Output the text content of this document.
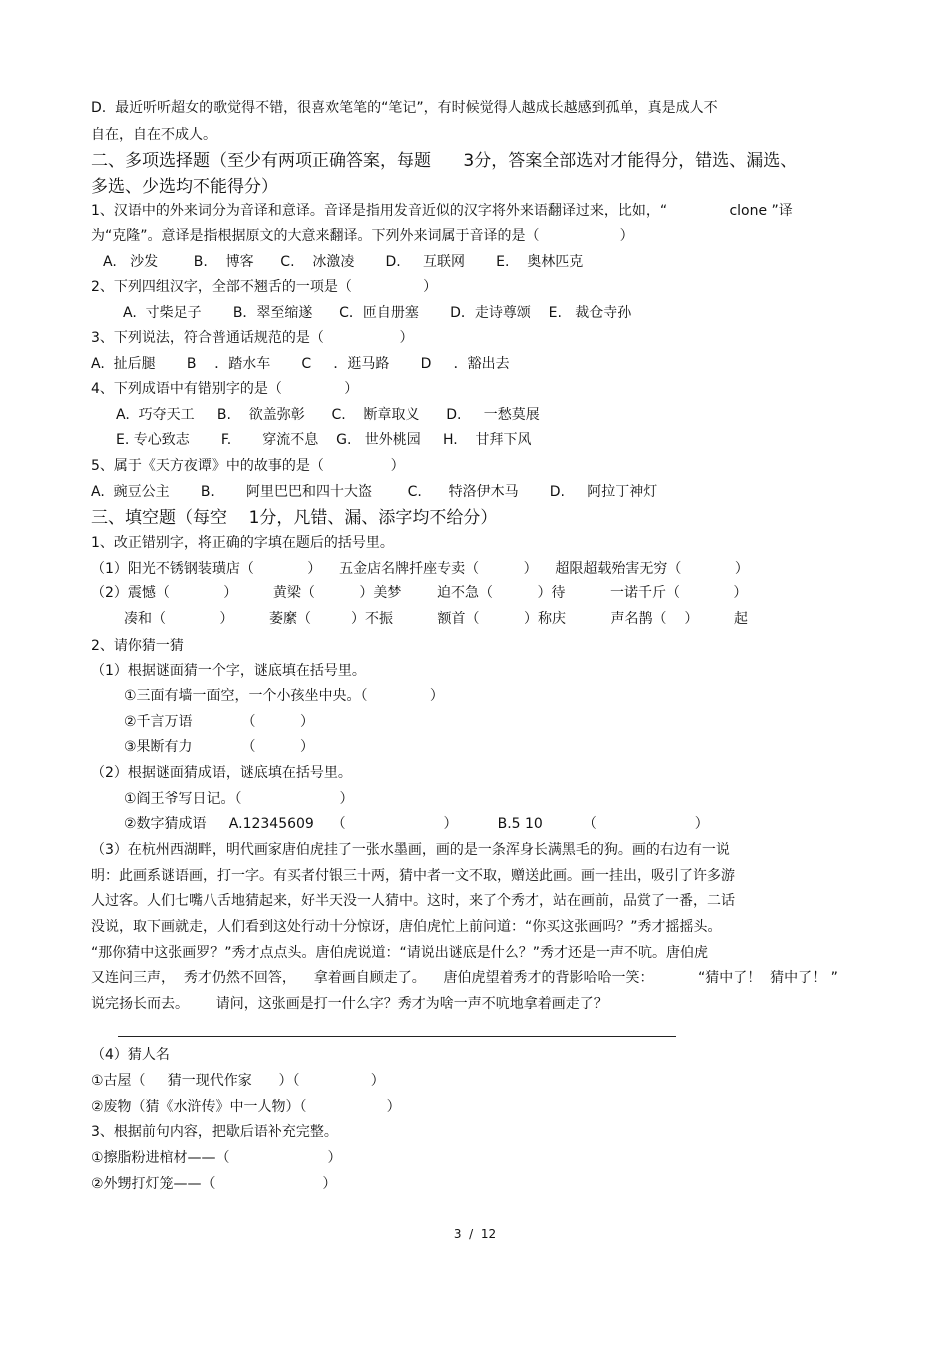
D.  最近听听超女的歌觉得不错，很喜欢笔笔的“笔记”，有时候觉得人越成长越感到孤单，真是成人不
自在，自在不成人。
二、多项选择题（至少有两项正确答案，每题      3分，答案全部选对才能得分，错选、漏选、
多选、少选均不能得分）
1、汉语中的外来词分为音译和意译。音译是指用发音近似的汉字将外来语翻译过来，比如，“              clone ”译
为“克隆”。意译是指根据原文的大意来翻译。下列外来词属于音译的是（                  ）
A.   沙发        B.    博客      C.    冰激凌       D.     互联网       E.    奥林匹克
2、下列四组汉字，全部不翘舌的一项是（                ）
A.  寸柴足子       B．翠至缩遂      C．匝自册塞       D．走诗尊颂    E.   裁仓寺孙
3、下列说法，符合普通话规范的是（                 ）
A.  扯后腿       B    ．踏水车       C     ．逛马路       D     ．豁出去
4、下列成语中有错别字的是（              ）
A.  巧夺天工     B.    欲盖弥彰      C.    断章取义      D.     一愁莫展
E. 专心致志       F.       穿流不息    G.   世外桃园     H.    甘拜下风
5、属于《天方夜谭》中的故事的是（               ）
A.  豌豆公主       B.       阿里巴巴和四十大盗        C.      特洛伊木马       D.     阿拉丁神灯
三、填空题（每空    1分，凡错、漏、添字均不给分）
1、改正错别字，将正确的字填在题后的括号里。
（1）阳光不锈钢装璜店（            ）    五金店名牌扦座专卖（          ）    超限超载殆害无穷（            ）
（2）震憾（            ）        黄梁（          ）美梦        迫不急（          ）待          一诺千斤（            ）
凑和（            ）        萎縻（         ）不振          额首（          ）称庆          声名鹊（    ）        起
2、请你猜一猜
（1）根据谜面猜一个字，谜底填在括号里。
①三面有墙一面空，一个小孩坐中央。（              ）
②千言万语           （          ）
③果断有力           （          ）
（2）根据谜面猜成语，谜底填在括号里。
①阎王爷写日记。（                      ）
②数字猜成语     A.12345609    （                      ）         B.5 10         （                      ）
（3）在杭州西湖畔，明代画家唐伯虎挂了一张水墨画，画的是一条浑身长满黑毛的狗。画的右边有一说
明：此画系谜语画，打一字。有买者付银三十两，猜中者一文不取，赠送此画。画一挂出，吸引了许多游
人过客。人们七嘴八舌地猜起来，好半天没一人猜中。这时，来了个秀才，站在画前，品赏了一番，二话
没说，取下画就走，人们看到这处行动十分惊讶，唐伯虎忙上前问道：“你买这张画吗？”秀才摇摇头。
“那你猜中这张画罗？”秀才点点头。唐伯虎说道：“请说出谜底是什么？”秀才还是一声不吭。唐伯虎
又连问三声，  秀才仍然不回答，    拿着画自顾走了。    唐伯虎望着秀才的背影哈哈一笑：          “猜中了！  猜中了！ ”
说完扬长而去。      请问，这张画是打一什么字？秀才为啥一声不吭地拿着画走了？
（4）猜人名
①古屋（     猜一现代作家      ）（                ）
②废物（猜《水浒传》中一人物）（                  ）
3、根据前句内容，把歇后语补充完整。
①擦脂粉进棺材——（                      ）
②外甥打灯笼——（                        ）
3  /  12
